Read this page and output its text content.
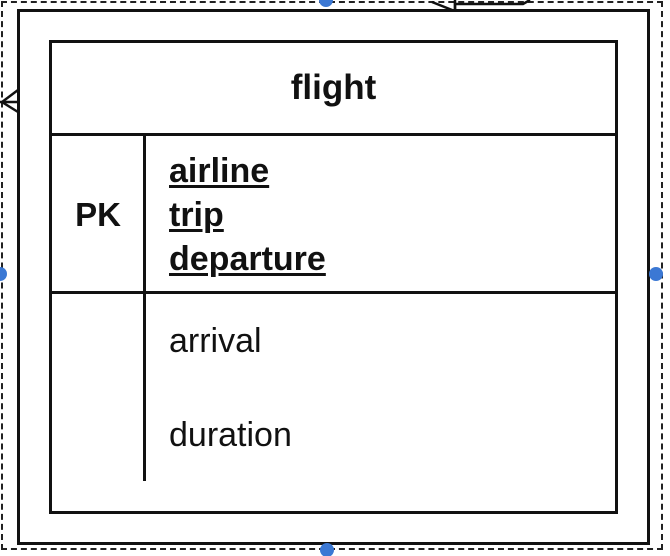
flight
PK
airline
trip
departure
arrival
duration
